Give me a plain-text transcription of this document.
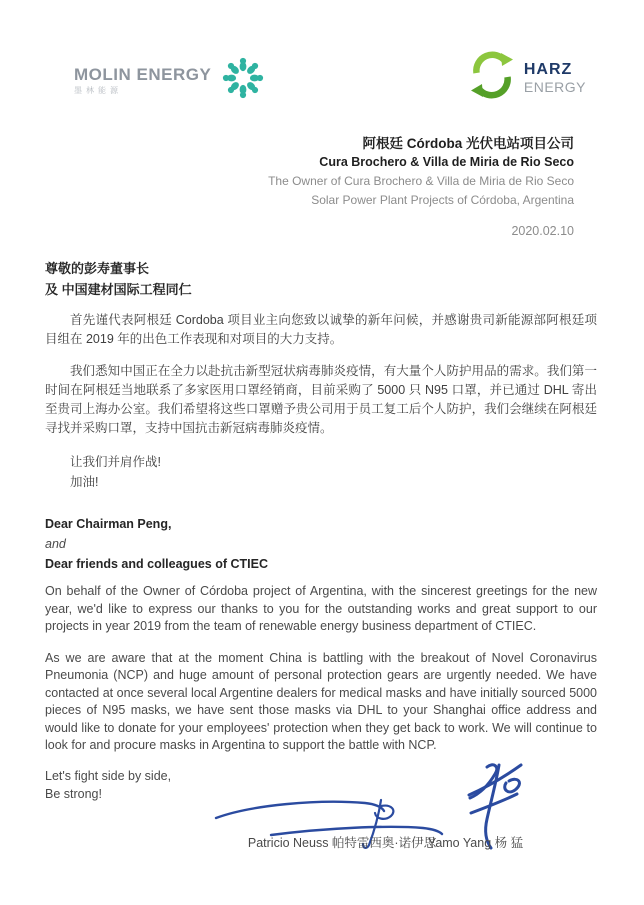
MOLIN ENERGY
墨林能源
HARZ
ENERGY
阿根廷 Córdoba 光伏电站项目公司
Cura Brochero & Villa de Miria de Rio Seco
The Owner of Cura Brochero & Villa de Miria de Rio Seco
Solar Power Plant Projects of Córdoba, Argentina
2020.02.10
尊敬的彭寿董事长
及 中国建材国际工程同仁
首先谨代表阿根廷 Cordoba 项目业主向您致以诚挚的新年问候，并感谢贵司新能源部阿根廷项目组在 2019 年的出色工作表现和对项目的大力支持。
我们悉知中国正在全力以赴抗击新型冠状病毒肺炎疫情，有大量个人防护用品的需求。我们第一时间在阿根廷当地联系了多家医用口罩经销商，目前采购了 5000 只 N95 口罩，并已通过 DHL 寄出至贵司上海办公室。我们希望将这些口罩赠予贵公司用于员工复工后个人防护，我们会继续在阿根廷寻找并采购口罩，支持中国抗击新冠病毒肺炎疫情。
让我们并肩作战!
加油!
Dear Chairman Peng,
and
Dear friends and colleagues of CTIEC
On behalf of the Owner of Córdoba project of Argentina, with the sincerest greetings for the new year, we'd like to express our thanks to you for the outstanding works and great support to our projects in year 2019 from the team of renewable energy business department of CTIEC.
As we are aware that at the moment China is battling with the breakout of Novel Coronavirus Pneumonia (NCP) and huge amount of personal protection gears are urgently needed. We have contacted at once several local Argentine dealers for medical masks and have initially sourced 5000 pieces of N95 masks, we have sent those masks via DHL to your Shanghai office address and would like to donate for your employees' protection when they get back to work. We will continue to look for and procure masks in Argentina to support the battle with NCP.
Let's fight side by side,
Be strong!
Patricio Neuss 帕特雷西奥·诺伊思
Yamo Yang 杨 猛
